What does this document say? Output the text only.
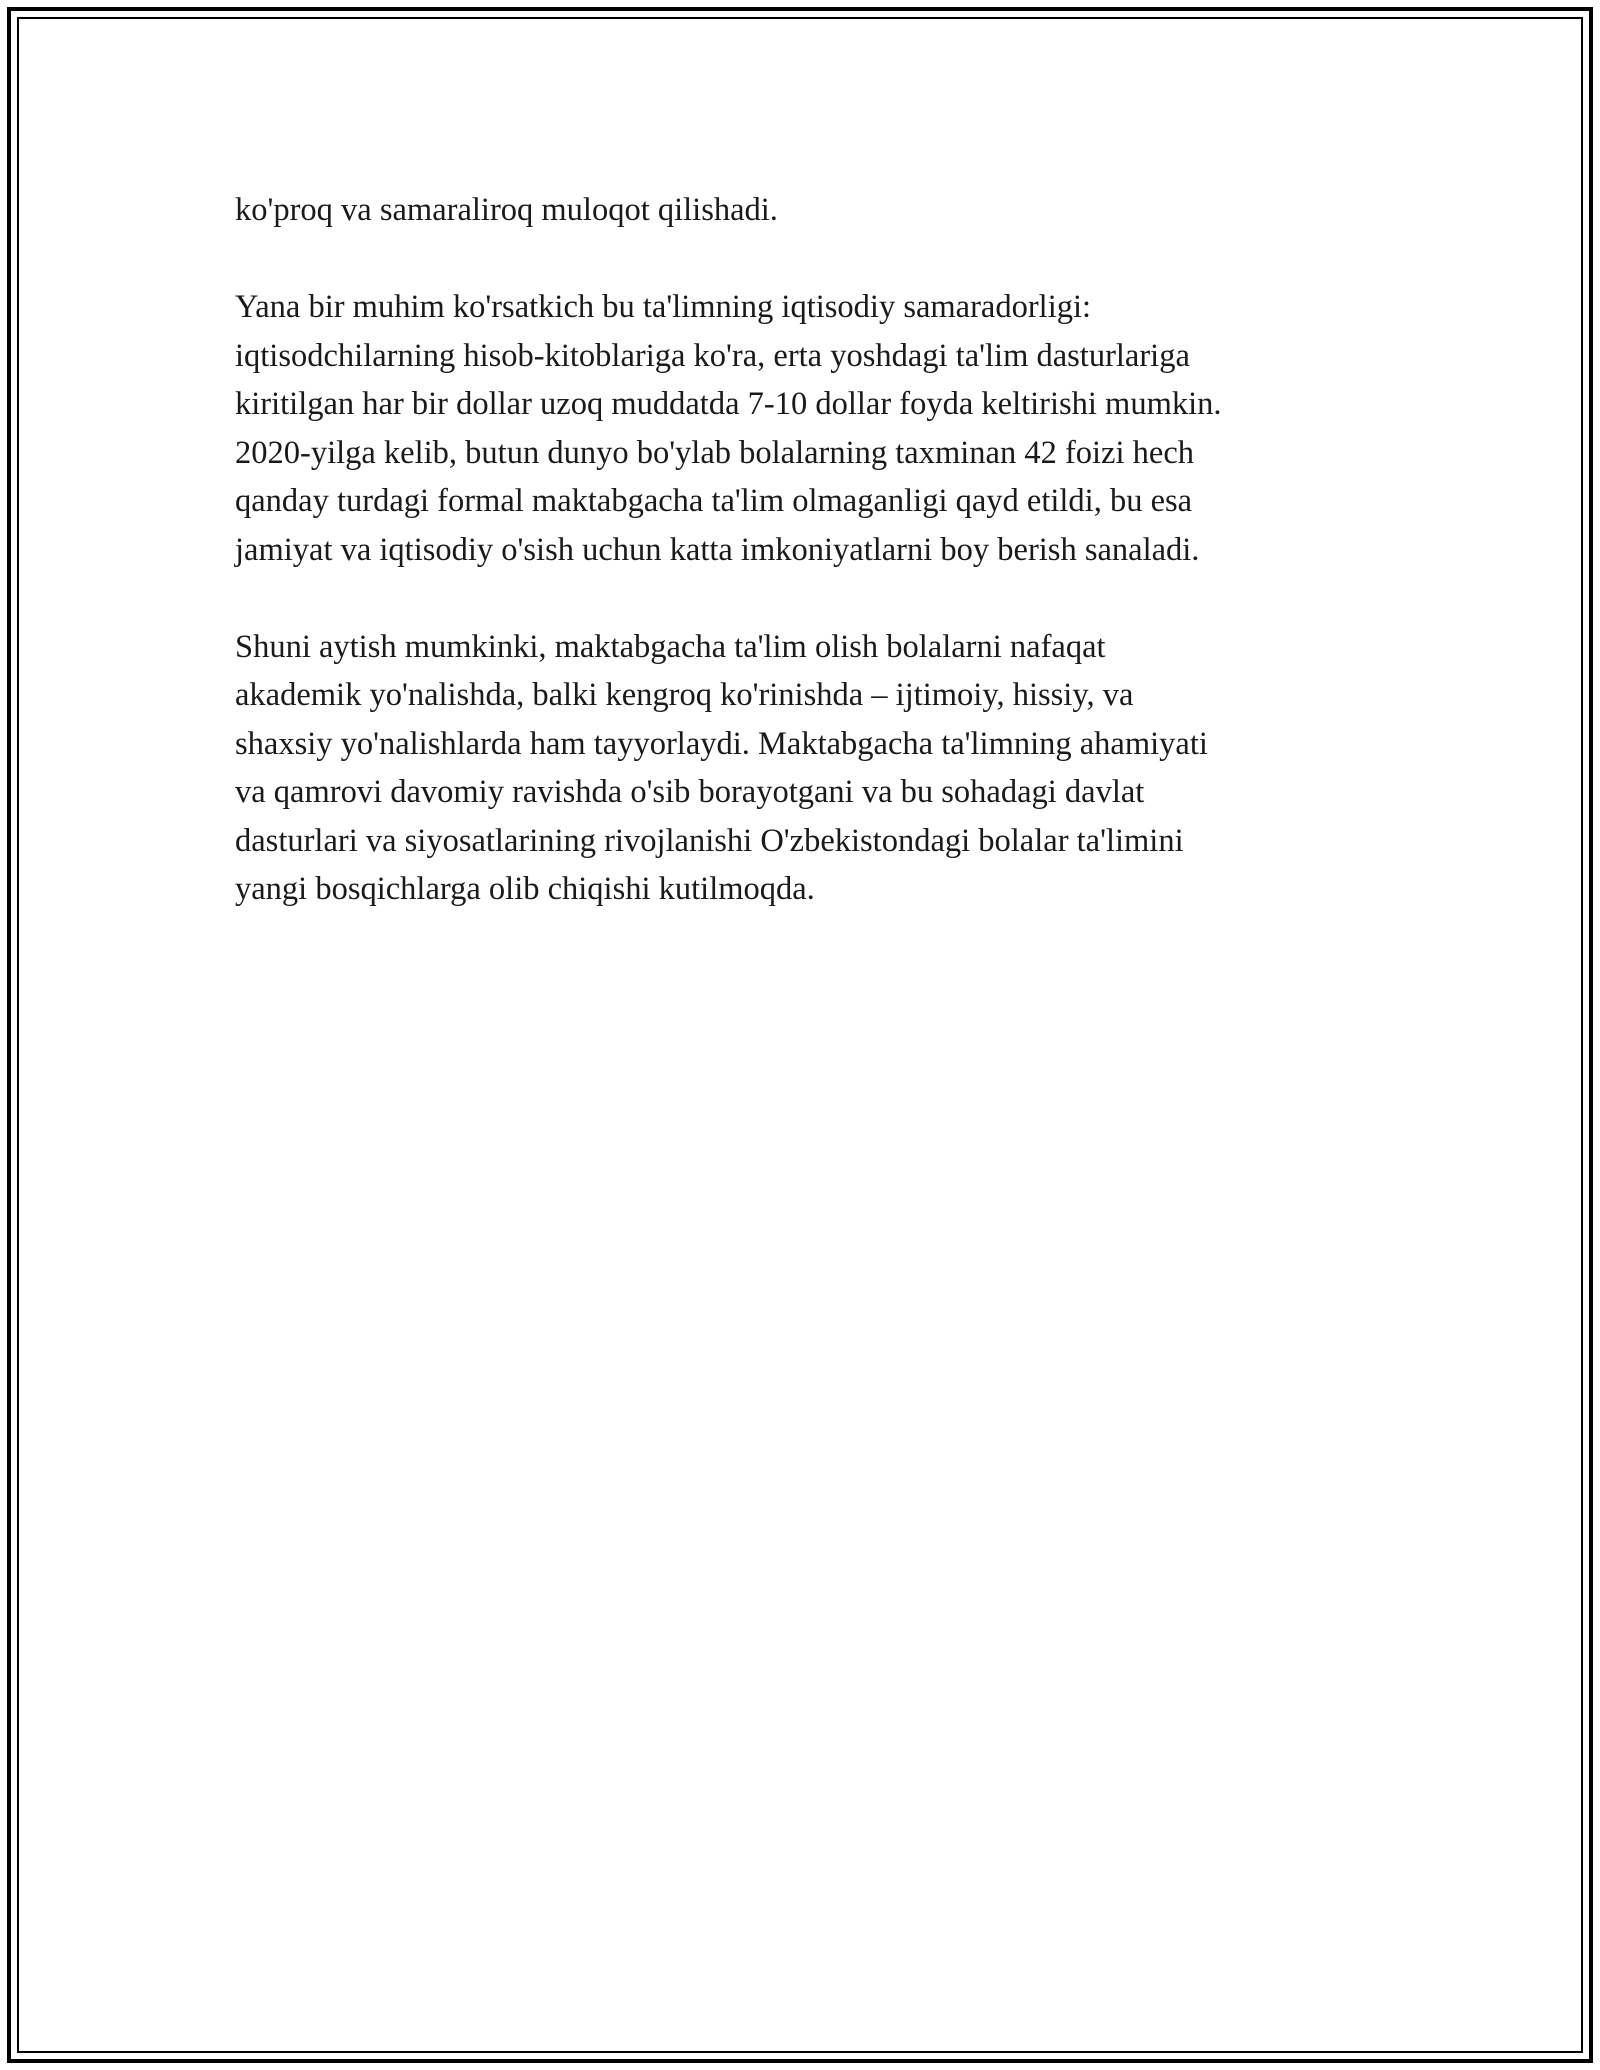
ko'proq va samaraliroq muloqot qilishadi.

Yana bir muhim ko'rsatkich bu ta'limning iqtisodiy samaradorligi:
iqtisodchilarning hisob-kitoblariga ko'ra, erta yoshdagi ta'lim dasturlariga
kiritilgan har bir dollar uzoq muddatda 7-10 dollar foyda keltirishi mumkin.
2020-yilga kelib, butun dunyo bo'ylab bolalarning taxminan 42 foizi hech
qanday turdagi formal maktabgacha ta'lim olmaganligi qayd etildi, bu esa
jamiyat va iqtisodiy o'sish uchun katta imkoniyatlarni boy berish sanaladi.

Shuni aytish mumkinki, maktabgacha ta'lim olish bolalarni nafaqat
akademik yo'nalishda, balki kengroq ko'rinishda – ijtimoiy, hissiy, va
shaxsiy yo'nalishlarda ham tayyorlaydi. Maktabgacha ta'limning ahamiyati
va qamrovi davomiy ravishda o'sib borayotgani va bu sohadagi davlat
dasturlari va siyosatlarining rivojlanishi O'zbekistondagi bolalar ta'limini
yangi bosqichlarga olib chiqishi kutilmoqda.
